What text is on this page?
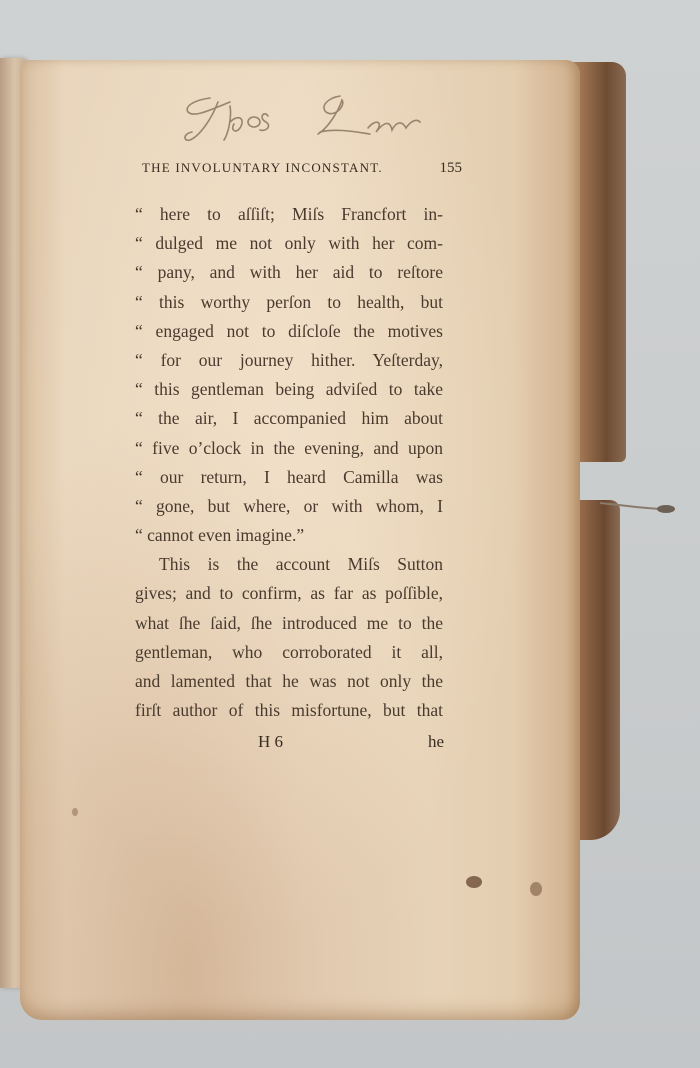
THE INVOLUNTARY INCONSTANT.	155
“ here to aſſiſt; Miſs Francfort in-
“ dulged me not only with her com-
“ pany, and with her aid to reſtore
“ this worthy perſon to health, but
“ engaged not to diſcloſe the motives
“ for our journey hither. Yeſterday,
“ this gentleman being adviſed to take
“ the air, I accompanied him about
“ five o’clock in the evening, and upon
“ our return, I heard Camilla was
“ gone, but where, or with whom, I
“ cannot even imagine.”
This is the account Miſs Sutton
gives; and to confirm, as far as poſſible,
what ſhe ſaid, ſhe introduced me to the
gentleman, who corroborated it all,
and lamented that he was not only the
firſt author of this misfortune, but that
H 6	he
